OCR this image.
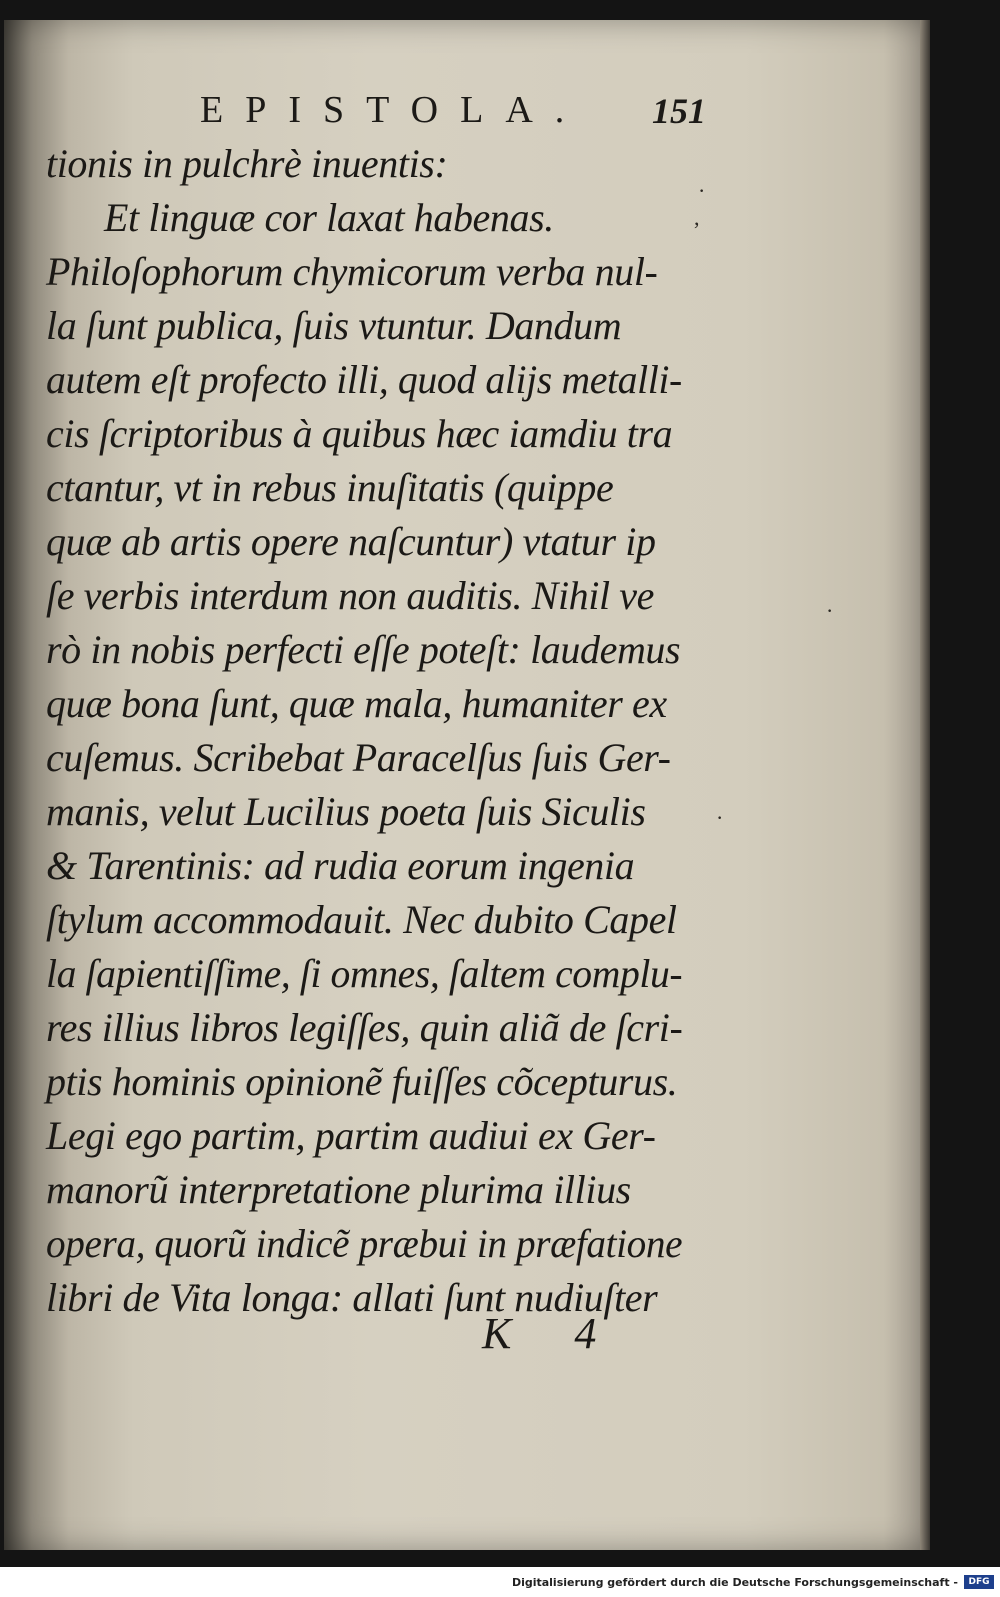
EPISTOLA. 151
tionis in pulchrè inuentis:
Et linguæ cor laxat habenas.
Philoſophorum chymicorum verba nul-
la ſunt publica, ſuis vtuntur. Dandum
autem eſt profecto illi, quod alijs metalli-
cis ſcriptoribus à quibus hæc iamdiu tra
ctantur, vt in rebus inuſitatis (quippe
quæ ab artis opere naſcuntur) vtatur ip
ſe verbis interdum non auditis. Nihil ve
rò in nobis perfecti eſſe poteſt: laudemus
quæ bona ſunt, quæ mala, humaniter ex
cuſemus. Scribebat Paracelſus ſuis Ger-
manis, velut Lucilius poeta ſuis Siculis
& Tarentinis: ad rudia eorum ingenia
ſtylum accommodauit. Nec dubito Capel
la ſapientiſſime, ſi omnes, ſaltem complu-
res illius libros legiſſes, quin aliã de ſcri-
ptis hominis opinionẽ fuiſſes cõcepturus.
Legi ego partim, partim audiui ex Ger-
manorũ interpretatione plurima illius
opera, quorũ indicẽ præbui in præfatione
libri de Vita longa: allati ſunt nudiuſter
K 4
·
,
·
·
Digitalisierung gefördert durch die Deutsche Forschungsgemeinschaft -	DFG
